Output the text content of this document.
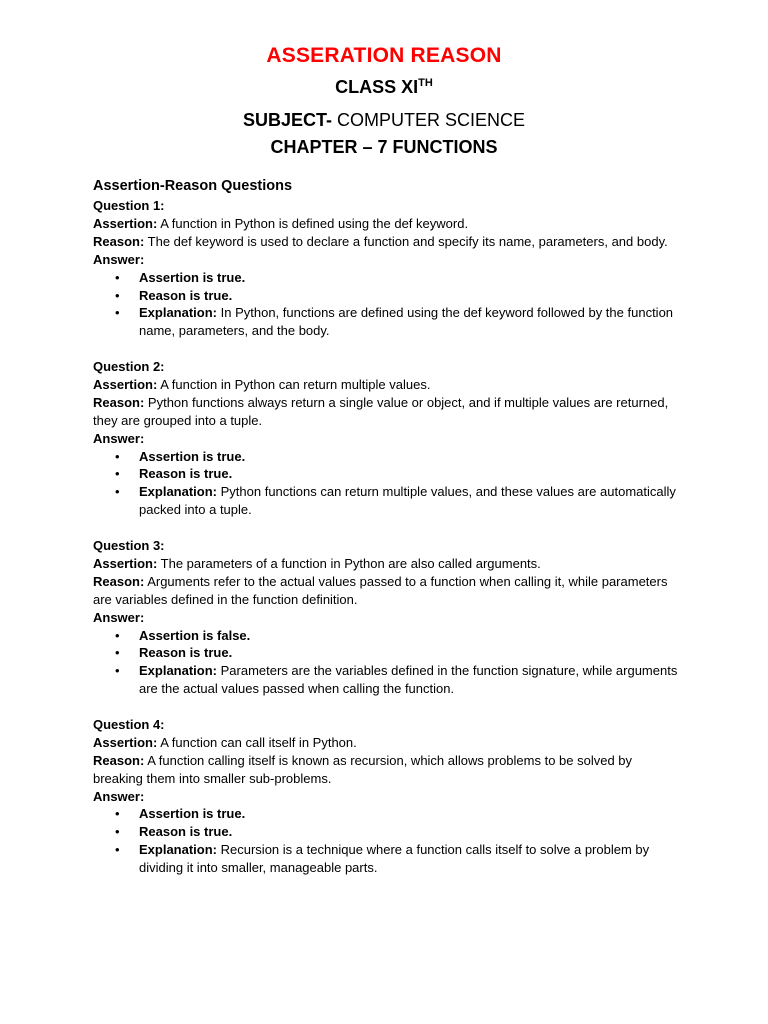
ASSERATION REASON
CLASS XITH
SUBJECT- COMPUTER SCIENCE
CHAPTER – 7 FUNCTIONS
Assertion-Reason Questions
Question 1:
Assertion: A function in Python is defined using the def keyword.
Reason: The def keyword is used to declare a function and specify its name, parameters, and body.
Answer:
• Assertion is true.
• Reason is true.
• Explanation: In Python, functions are defined using the def keyword followed by the function name, parameters, and the body.
Question 2:
Assertion: A function in Python can return multiple values.
Reason: Python functions always return a single value or object, and if multiple values are returned, they are grouped into a tuple.
Answer:
• Assertion is true.
• Reason is true.
• Explanation: Python functions can return multiple values, and these values are automatically packed into a tuple.
Question 3:
Assertion: The parameters of a function in Python are also called arguments.
Reason: Arguments refer to the actual values passed to a function when calling it, while parameters are variables defined in the function definition.
Answer:
• Assertion is false.
• Reason is true.
• Explanation: Parameters are the variables defined in the function signature, while arguments are the actual values passed when calling the function.
Question 4:
Assertion: A function can call itself in Python.
Reason: A function calling itself is known as recursion, which allows problems to be solved by breaking them into smaller sub-problems.
Answer:
• Assertion is true.
• Reason is true.
• Explanation: Recursion is a technique where a function calls itself to solve a problem by dividing it into smaller, manageable parts.
